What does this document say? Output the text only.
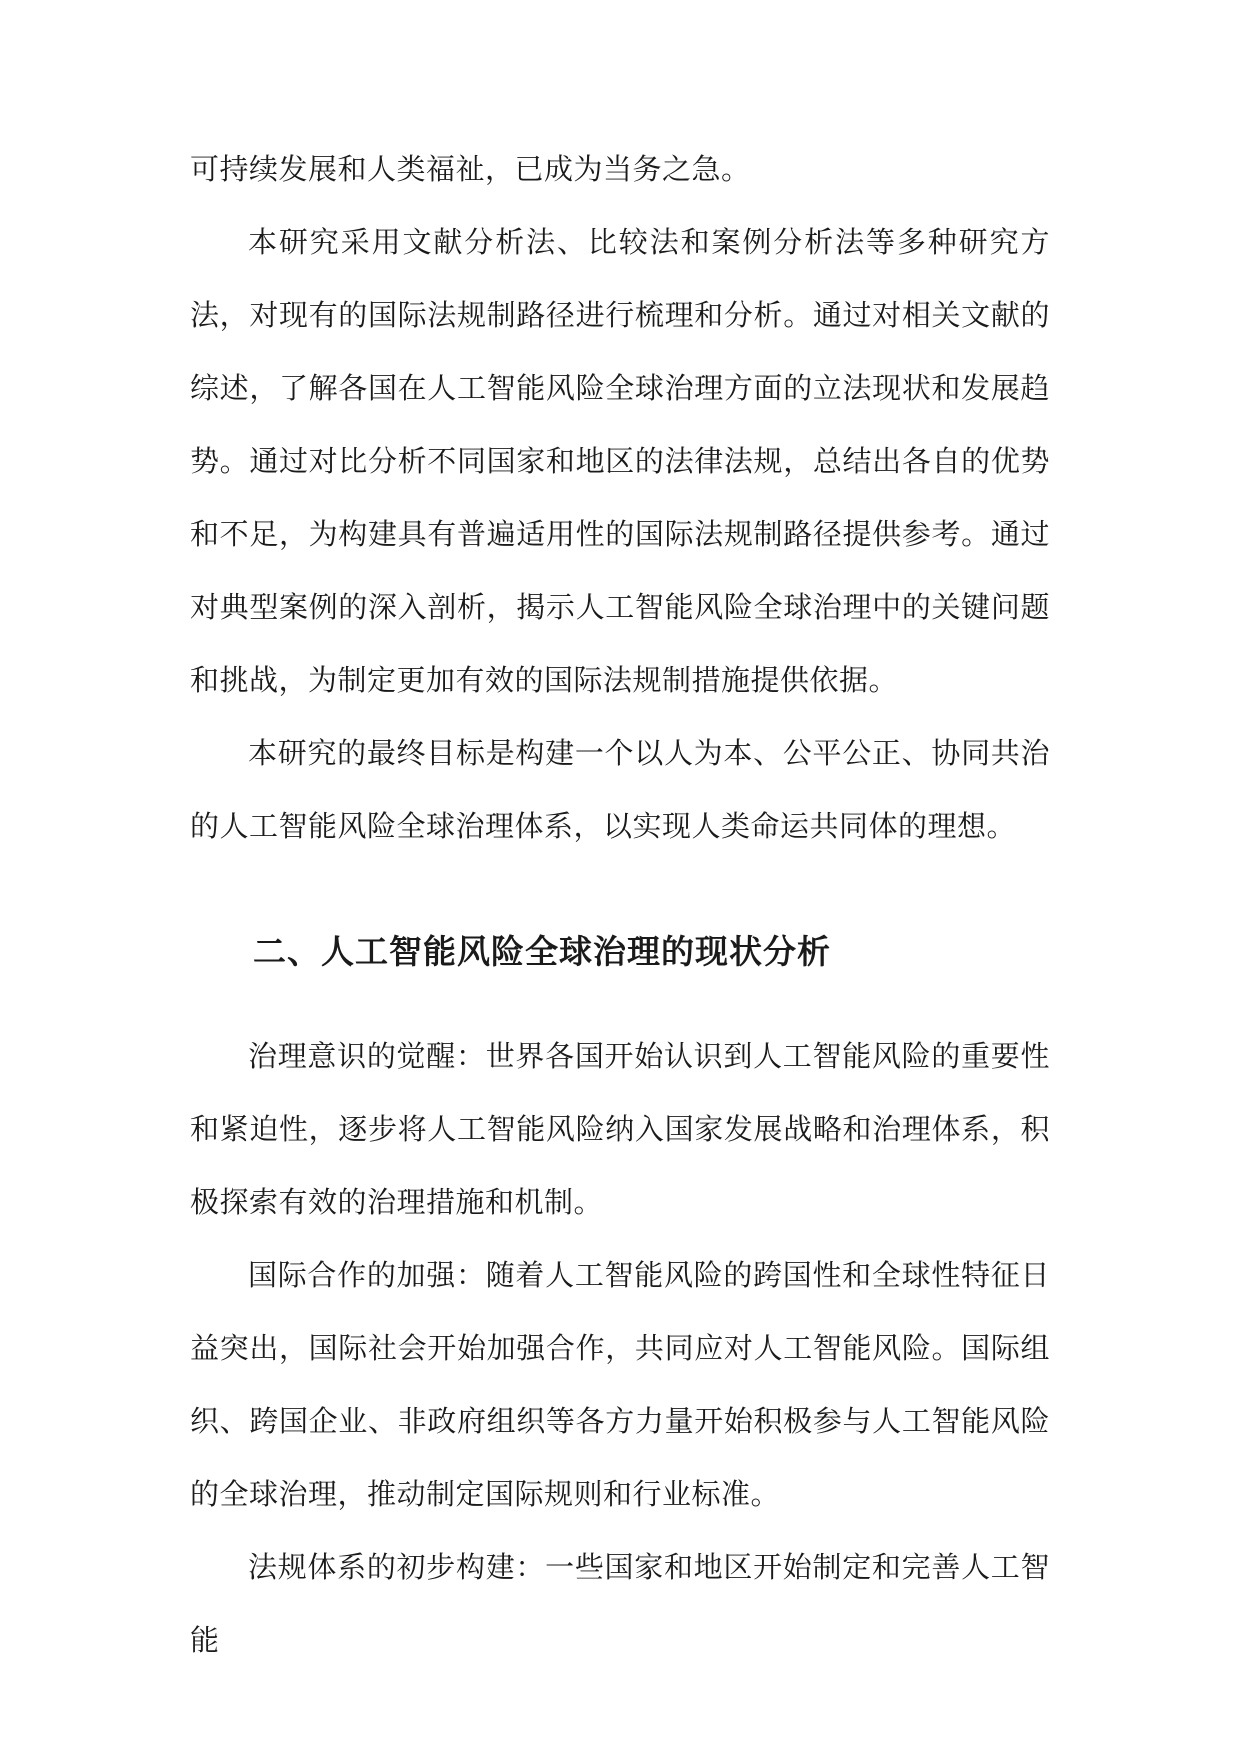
可持续发展和人类福祉，已成为当务之急。

本研究采用文献分析法、比较法和案例分析法等多种研究方法，对现有的国际法规制路径进行梳理和分析。通过对相关文献的综述，了解各国在人工智能风险全球治理方面的立法现状和发展趋势。通过对比分析不同国家和地区的法律法规，总结出各自的优势和不足，为构建具有普遍适用性的国际法规制路径提供参考。通过对典型案例的深入剖析，揭示人工智能风险全球治理中的关键问题和挑战，为制定更加有效的国际法规制措施提供依据。

本研究的最终目标是构建一个以人为本、公平公正、协同共治的人工智能风险全球治理体系，以实现人类命运共同体的理想。

二、人工智能风险全球治理的现状分析

治理意识的觉醒：世界各国开始认识到人工智能风险的重要性和紧迫性，逐步将人工智能风险纳入国家发展战略和治理体系，积极探索有效的治理措施和机制。

国际合作的加强：随着人工智能风险的跨国性和全球性特征日益突出，国际社会开始加强合作，共同应对人工智能风险。国际组织、跨国企业、非政府组织等各方力量开始积极参与人工智能风险的全球治理，推动制定国际规则和行业标准。

法规体系的初步构建：一些国家和地区开始制定和完善人工智能
